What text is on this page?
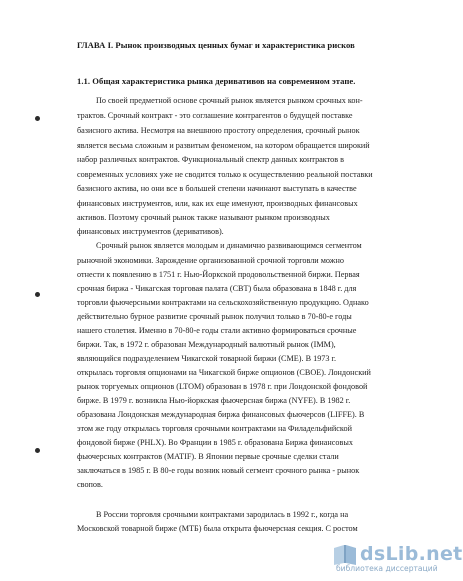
ГЛАВА I. Рынок производных ценных бумаг и характеристика рисков
1.1. Общая характеристика рынка деривативов на современном этапе.
По своей предметной основе срочный рынок является рынком срочных кон-
трактов. Срочный контракт - это соглашение контрагентов о будущей поставке
базисного актива. Несмотря на внешнюю простоту определения, срочный рынок
является весьма сложным и развитым феноменом, на котором обращается широкий
набор различных контрактов. Функциональный спектр данных контрактов в
современных условиях уже не сводится только к осуществлению реальной поставки
базисного актива, но они все в большей степени начинают выступать в качестве
финансовых инструментов, или, как их еще именуют, производных финансовых
активов. Поэтому срочный рынок также называют рынком производных
финансовых инструментов (деривативов).
Срочный рынок является молодым и динамично развивающимся сегментом
рыночной экономики. Зарождение организованной срочной торговли можно
отнести к появлению в 1751 г. Нью-Йоркской продовольственной биржи. Первая
срочная биржа - Чикагская торговая палата (CBT) была образована в 1848 г. для
торговли фьючерсными контрактами на сельскохозяйственную продукцию. Однако
действительно бурное развитие срочный рынок получил только в 70-80-е годы
нашего столетия. Именно в 70-80-е годы стали активно формироваться срочные
биржи. Так, в 1972 г. образован Международный валютный рынок (IMM),
являющийся подразделением Чикагской товарной биржи (CME). В 1973 г.
открылась торговля опционами на Чикагской бирже опционов (CBOE). Лондонский
рынок торгуемых опционов (LTOM) образован в 1978 г. при Лондонской фондовой
бирже. В 1979 г. возникла Нью-йоркская фьючерсная биржа (NYFE). В 1982 г.
образована Лондонская международная биржа финансовых фьючерсов (LIFFE). В
этом же году открылась торговля срочными контрактами на Филадельфийской
фондовой бирже (PHLX). Во Франции в 1985 г. образована Биржа финансовых
фьючерсных контрактов (MATIF). В Японии первые срочные сделки стали
заключаться в 1985 г. В 80-е годы возник новый сегмент срочного рынка - рынок
свопов.
В России торговля срочными контрактами зародилась в 1992 г., когда на
Московской товарной бирже (МТБ) была открыта фьючерсная секция. С ростом
dsLib.net
библиотека диссертаций
